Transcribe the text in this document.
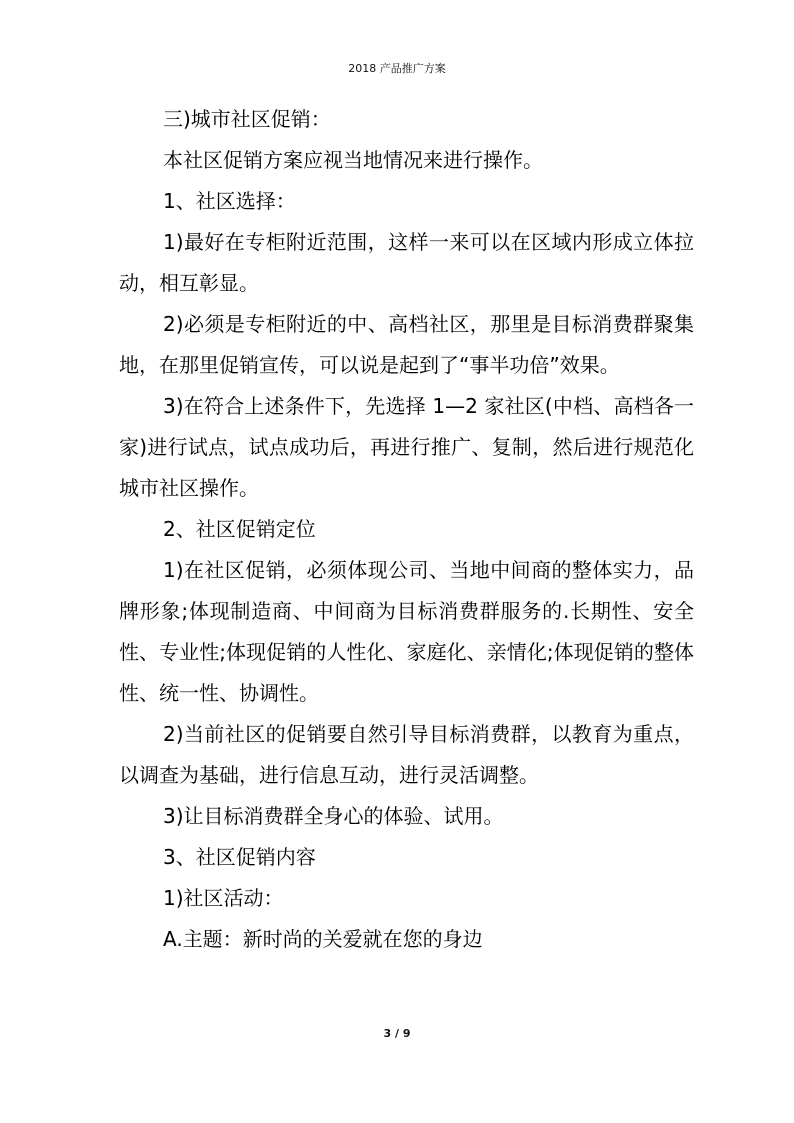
2018 产品推广方案

三)城市社区促销：

本社区促销方案应视当地情况来进行操作。

1、社区选择：

1)最好在专柜附近范围，这样一来可以在区域内形成立体拉动，相互彰显。

2)必须是专柜附近的中、高档社区，那里是目标消费群聚集地，在那里促销宣传，可以说是起到了“事半功倍”效果。

3)在符合上述条件下，先选择 1—2 家社区(中档、高档各一家)进行试点，试点成功后，再进行推广、复制，然后进行规范化城市社区操作。

2、社区促销定位

1)在社区促销，必须体现公司、当地中间商的整体实力，品牌形象;体现制造商、中间商为目标消费群服务的.长期性、安全性、专业性;体现促销的人性化、家庭化、亲情化;体现促销的整体性、统一性、协调性。

2)当前社区的促销要自然引导目标消费群，以教育为重点，以调查为基础，进行信息互动，进行灵活调整。

3)让目标消费群全身心的体验、试用。

3、社区促销内容

1)社区活动：

A.主题：新时尚的关爱就在您的身边

3 / 9
